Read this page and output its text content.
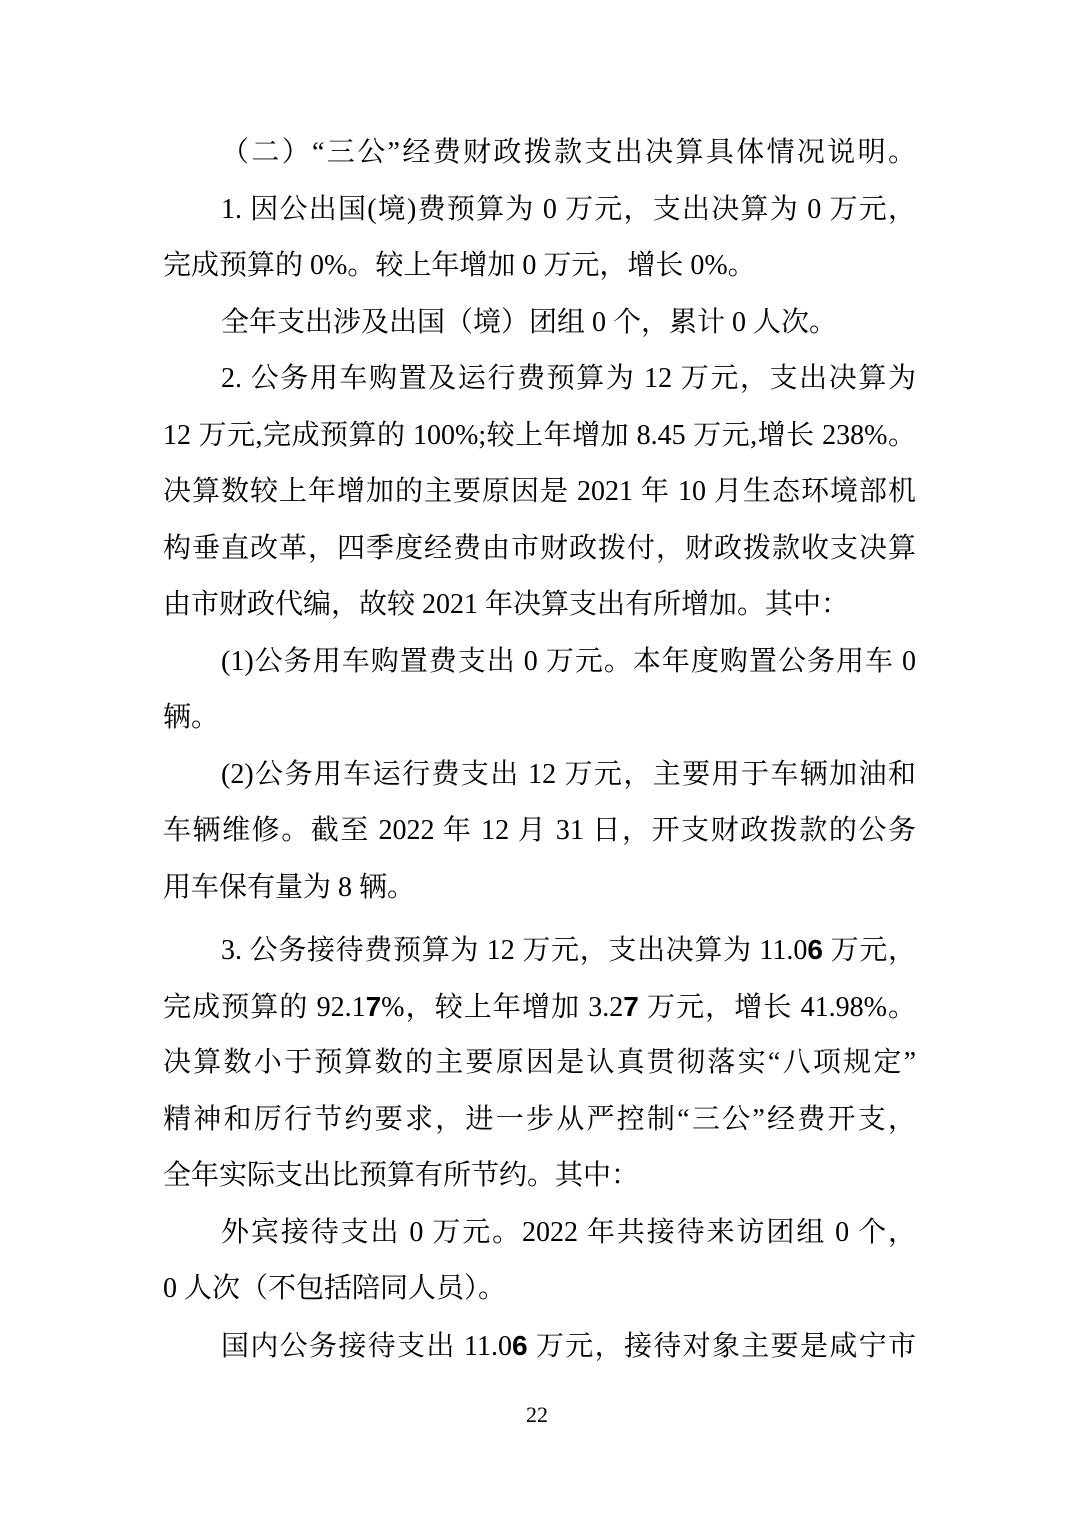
（二）“三公”经费财政拨款支出决算具体情况说明。
1. 因公出国(境)费预算为 0 万元，支出决算为 0 万元，
完成预算的 0%。较上年增加 0 万元，增长 0%。
全年支出涉及出国（境）团组 0 个，累计 0 人次。
2. 公务用车购置及运行费预算为 12 万元，支出决算为
12 万元,完成预算的 100%;较上年增加 8.45 万元,增长 238%。
决算数较上年增加的主要原因是 2021 年 10 月生态环境部机
构垂直改革，四季度经费由市财政拨付，财政拨款收支决算
由市财政代编，故较 2021 年决算支出有所增加。其中：
(1)公务用车购置费支出 0 万元。本年度购置公务用车 0
辆。
(2)公务用车运行费支出 12 万元，主要用于车辆加油和
车辆维修。截至 2022 年 12 月 31 日，开支财政拨款的公务
用车保有量为 8 辆。
3. 公务接待费预算为 12 万元，支出决算为 11.06 万元，
完成预算的 92.17%，较上年增加 3.27 万元，增长 41.98%。
决算数小于预算数的主要原因是认真贯彻落实“八项规定”
精神和厉行节约要求，进一步从严控制“三公”经费开支，
全年实际支出比预算有所节约。其中：
外宾接待支出 0 万元。2022 年共接待来访团组 0 个，
0 人次（不包括陪同人员）。
国内公务接待支出 11.06 万元，接待对象主要是咸宁市
22
